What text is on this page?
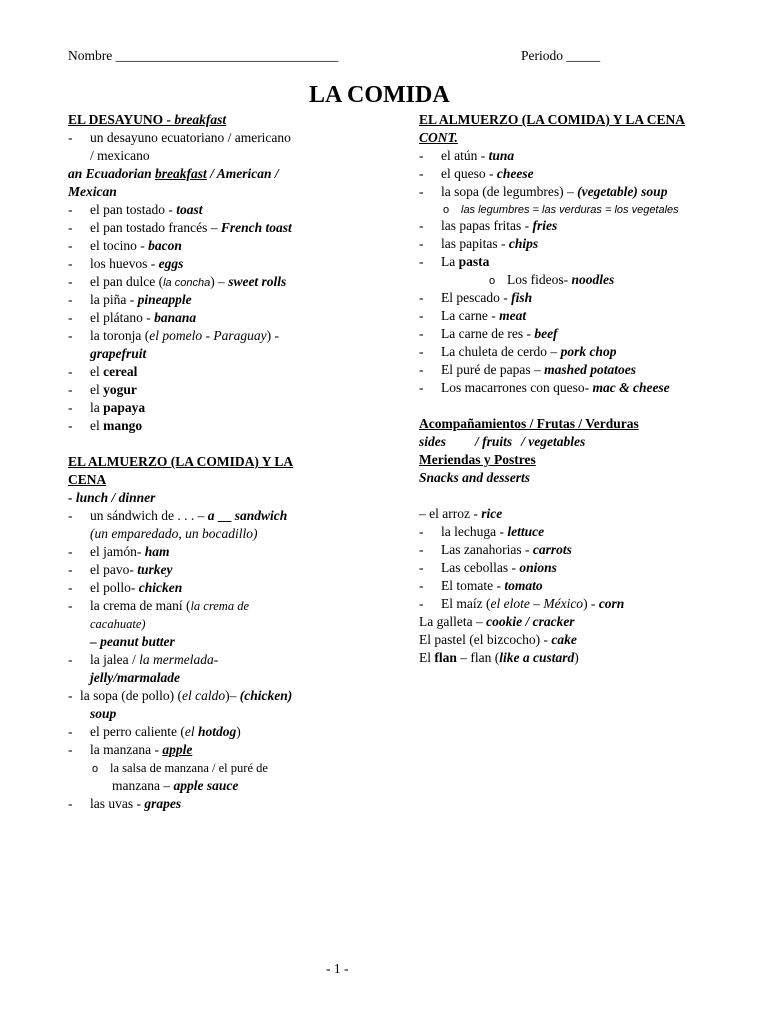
Nombre _________________________________	Periodo _____
LA COMIDA
EL DESAYUNO - breakfast
- un desayuno ecuatoriano / americano
/ mexicano
an Ecuadorian breakfast / American /
Mexican
- el pan tostado - toast
- el pan tostado francés – French toast
- el tocino - bacon
- los huevos - eggs
- el pan dulce (la concha) – sweet rolls
- la piña - pineapple
- el plátano - banana
- la toronja (el pomelo - Paraguay) -
grapefruit
- el cereal
- el yogur
- la papaya
- el mango
EL ALMUERZO (LA COMIDA) Y LA
CENA
- lunch / dinner
- un sándwich de . . . – a __ sandwich
(un emparedado, un bocadillo)
- el jamón- ham
- el pavo- turkey
- el pollo- chicken
- la crema de maní (la crema de
cacahuate)
– peanut butter
- la jalea / la mermelada-
jelly/marmalade
- la sopa (de pollo) (el caldo)– (chicken)
soup
- el perro caliente (el hotdog)
- la manzana - apple
o la salsa de manzana / el puré de
manzana – apple sauce
- las uvas - grapes
EL ALMUERZO (LA COMIDA) Y LA CENA
CONT.
- el atún - tuna
- el queso - cheese
- la sopa (de legumbres) – (vegetable) soup
o las legumbres = las verduras = los vegetales
- las papas fritas - fries
- las papitas - chips
- La pasta
o Los fideos- noodles
- El pescado - fish
- La carne - meat
- La carne de res - beef
- La chuleta de cerdo – pork chop
- El puré de papas – mashed potatoes
- Los macarrones con queso- mac & cheese
Acompañamientos / Frutas / Verduras
sides / fruits / vegetables
Meriendas y Postres
Snacks and desserts
– el arroz - rice
- la lechuga - lettuce
- Las zanahorias - carrots
- Las cebollas - onions
- El tomate - tomato
- El maíz (el elote – México) - corn
La galleta – cookie / cracker
El pastel (el bizcocho) - cake
El flan – flan (like a custard)
- 1 -
